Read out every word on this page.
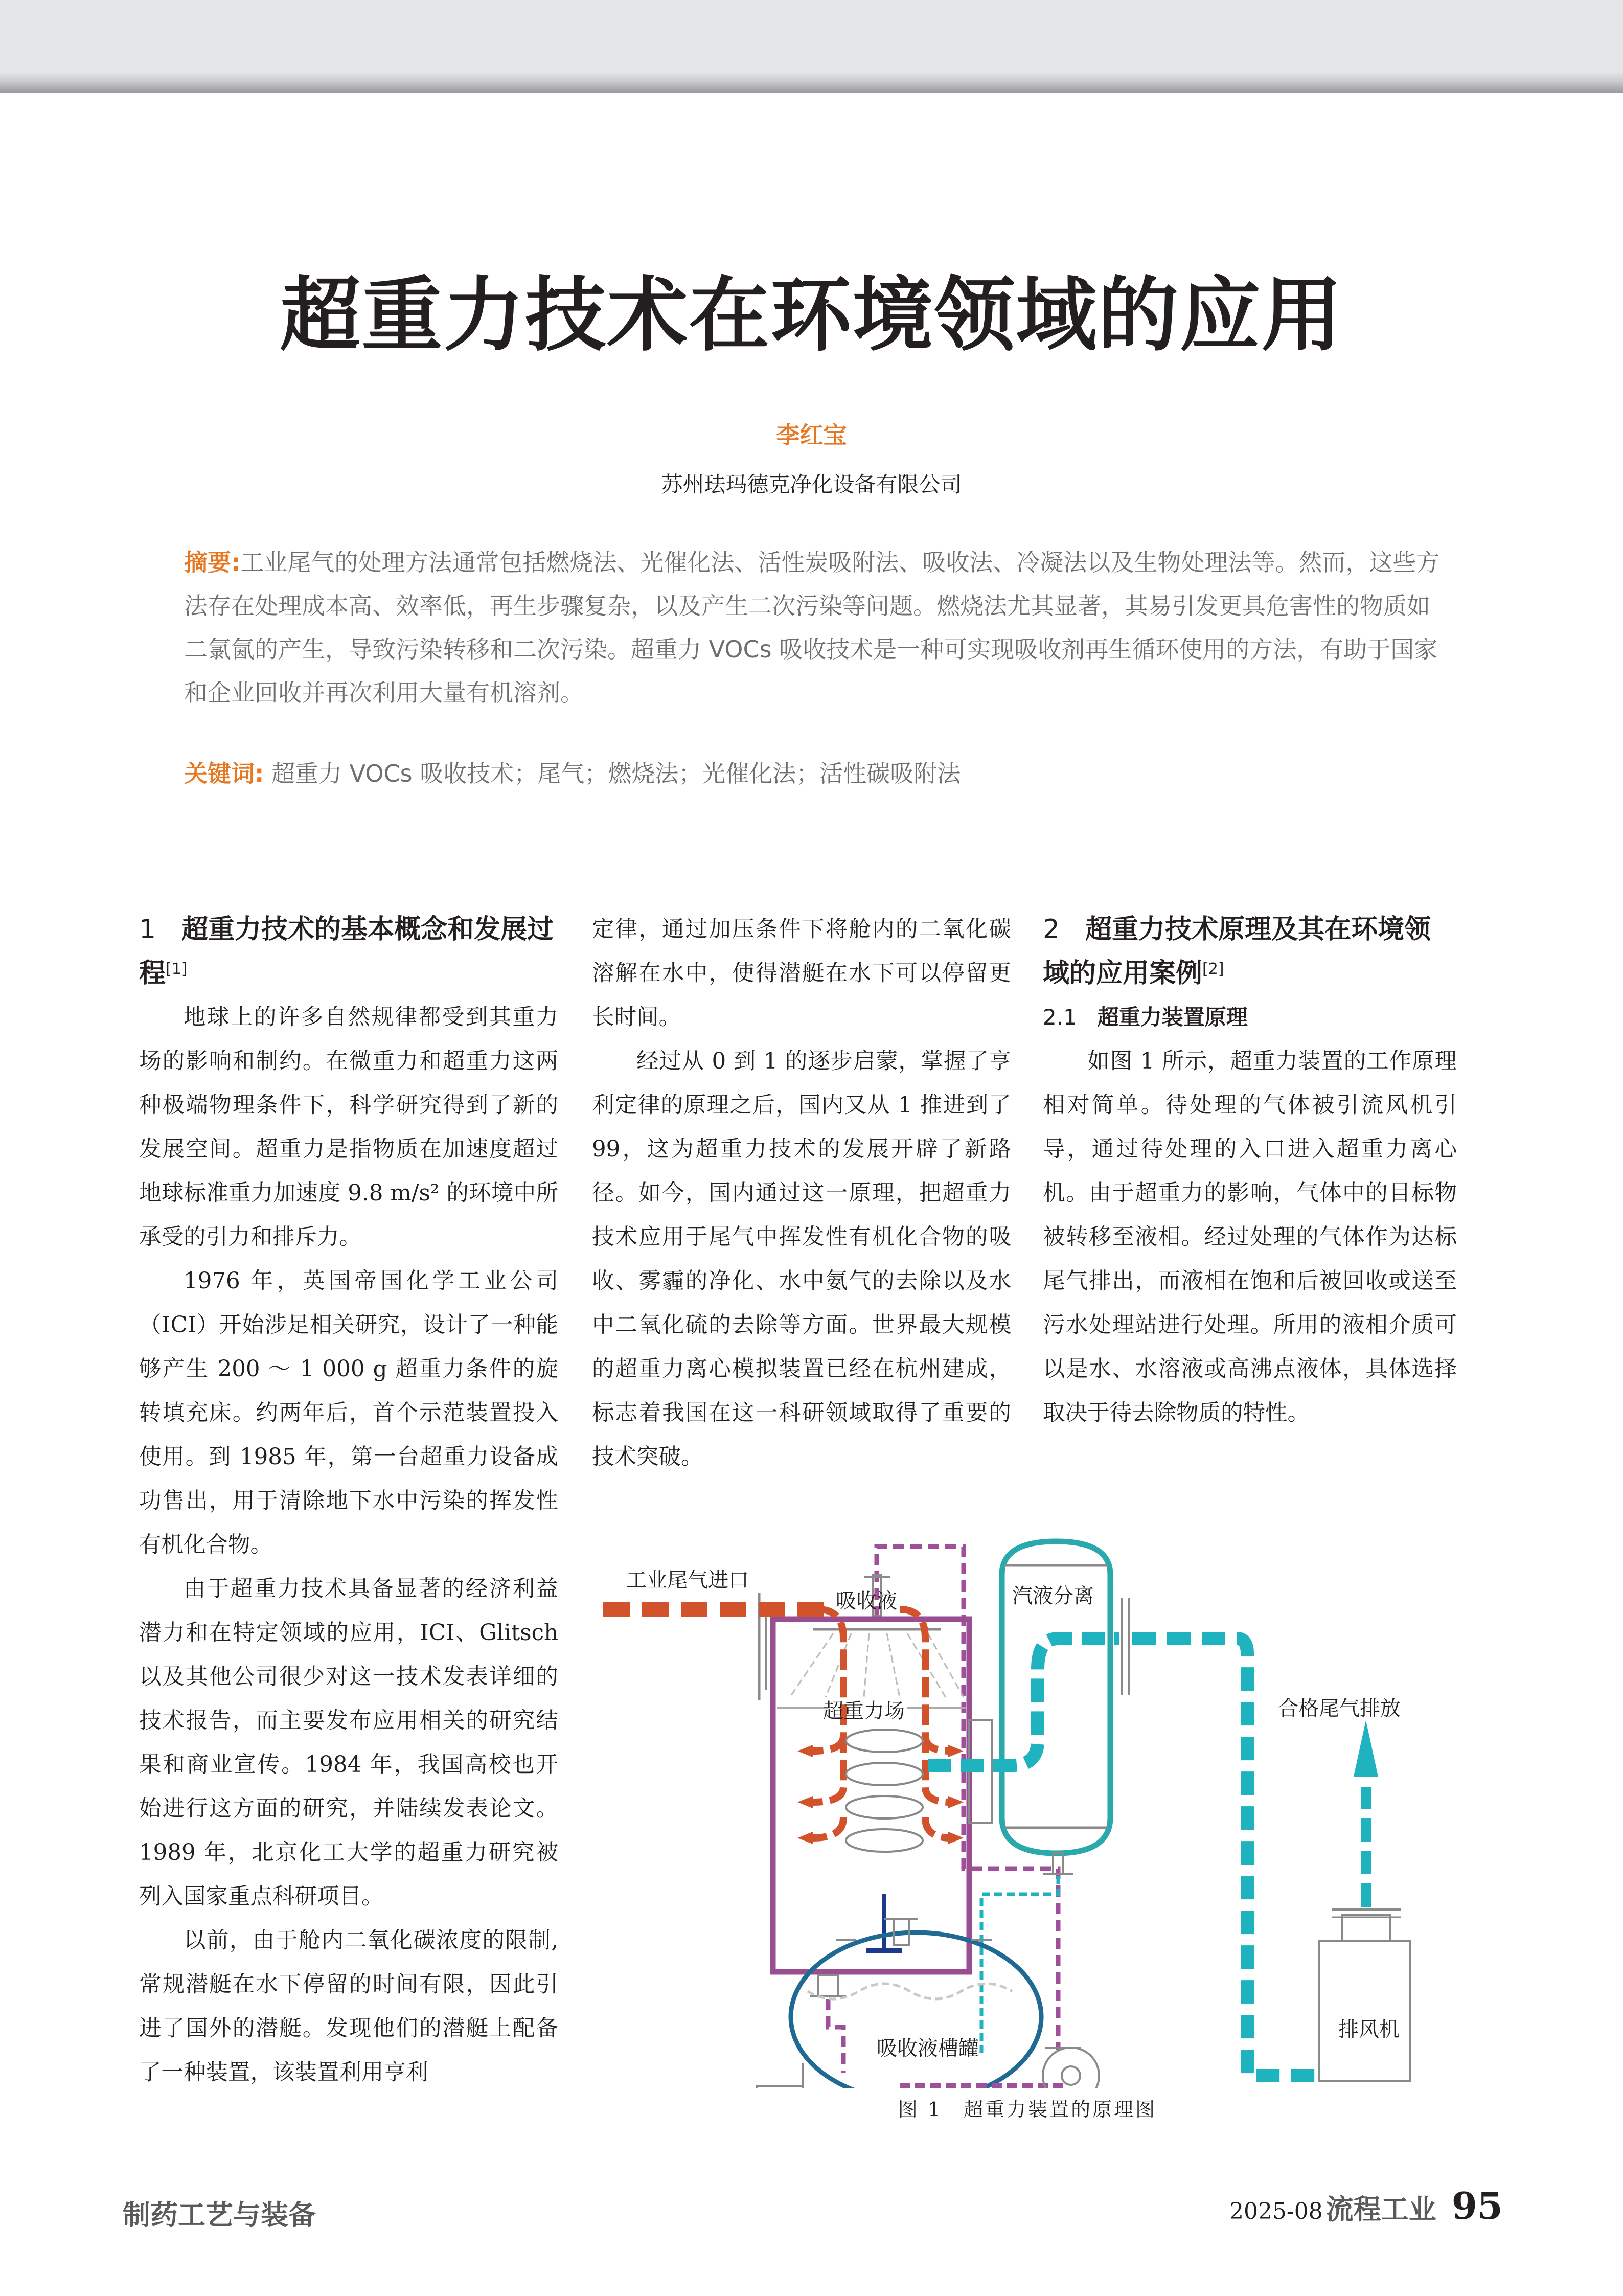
超重力技术在环境领域的应用
李红宝
苏州珐玛德克净化设备有限公司
摘要:工业尾气的处理方法通常包括燃烧法、光催化法、活性炭吸附法、吸收法、冷凝法以及生物处理法等。然而，这些方法存在处理成本高、效率低，再生步骤复杂，以及产生二次污染等问题。燃烧法尤其显著，其易引发更具危害性的物质如二氯氤的产生，导致污染转移和二次污染。超重力 VOCs 吸收技术是一种可实现吸收剂再生循环使用的方法，有助于国家和企业回收并再次利用大量有机溶剂。
关键词: 超重力 VOCs 吸收技术；尾气；燃烧法；光催化法；活性碳吸附法
1 超重力技术的基本概念和发展过程[1]

地球上的许多自然规律都受到其重力场的影响和制约。在微重力和超重力这两种极端物理条件下，科学研究得到了新的发展空间。超重力是指物质在加速度超过地球标准重力加速度 9.8 m/s² 的环境中所承受的引力和排斥力。

1976 年，英国帝国化学工业公司（ICI）开始涉足相关研究，设计了一种能够产生 200 ～ 1 000 g 超重力条件的旋转填充床。约两年后，首个示范装置投入使用。到 1985 年，第一台超重力设备成功售出，用于清除地下水中污染的挥发性有机化合物。

由于超重力技术具备显著的经济利益潜力和在特定领域的应用，ICI、Glitsch 以及其他公司很少对这一技术发表详细的技术报告，而主要发布应用相关的研究结果和商业宣传。1984 年，我国高校也开始进行这方面的研究，并陆续发表论文。1989 年，北京化工大学的超重力研究被列入国家重点科研项目。

以前，由于舱内二氧化碳浓度的限制,常规潜艇在水下停留的时间有限，因此引进了国外的潜艇。发现他们的潜艇上配备了一种装置，该装置利用亨利

定律，通过加压条件下将舱内的二氧化碳溶解在水中，使得潜艇在水下可以停留更长时间。

经过从 0 到 1 的逐步启蒙，掌握了亨利定律的原理之后，国内又从 1 推进到了 99，这为超重力技术的发展开辟了新路径。如今，国内通过这一原理，把超重力技术应用于尾气中挥发性有机化合物的吸收、雾霾的净化、水中氨气的去除以及水中二氧化硫的去除等方面。世界最大规模的超重力离心模拟装置已经在杭州建成，标志着我国在这一科研领域取得了重要的技术突破。

2 超重力技术原理及其在环境领域的应用案例[2]
2.1 超重力装置原理

如图 1 所示，超重力装置的工作原理相对简单。待处理的气体被引流风机引导，通过待处理的入口进入超重力离心机。由于超重力的影响，气体中的目标物被转移至液相。经过处理的气体作为达标尾气排出，而液相在饱和后被回收或送至污水处理站进行处理。所用的液相介质可以是水、水溶液或高沸点液体，具体选择取决于待去除物质的特性。

工业尾气进口
吸收液
超重力场
汽液分离
合格尾气排放
吸收液槽罐
排风机
图 1　超重力装置的原理图
制药工艺与装备	2025-08 流程工业 95
